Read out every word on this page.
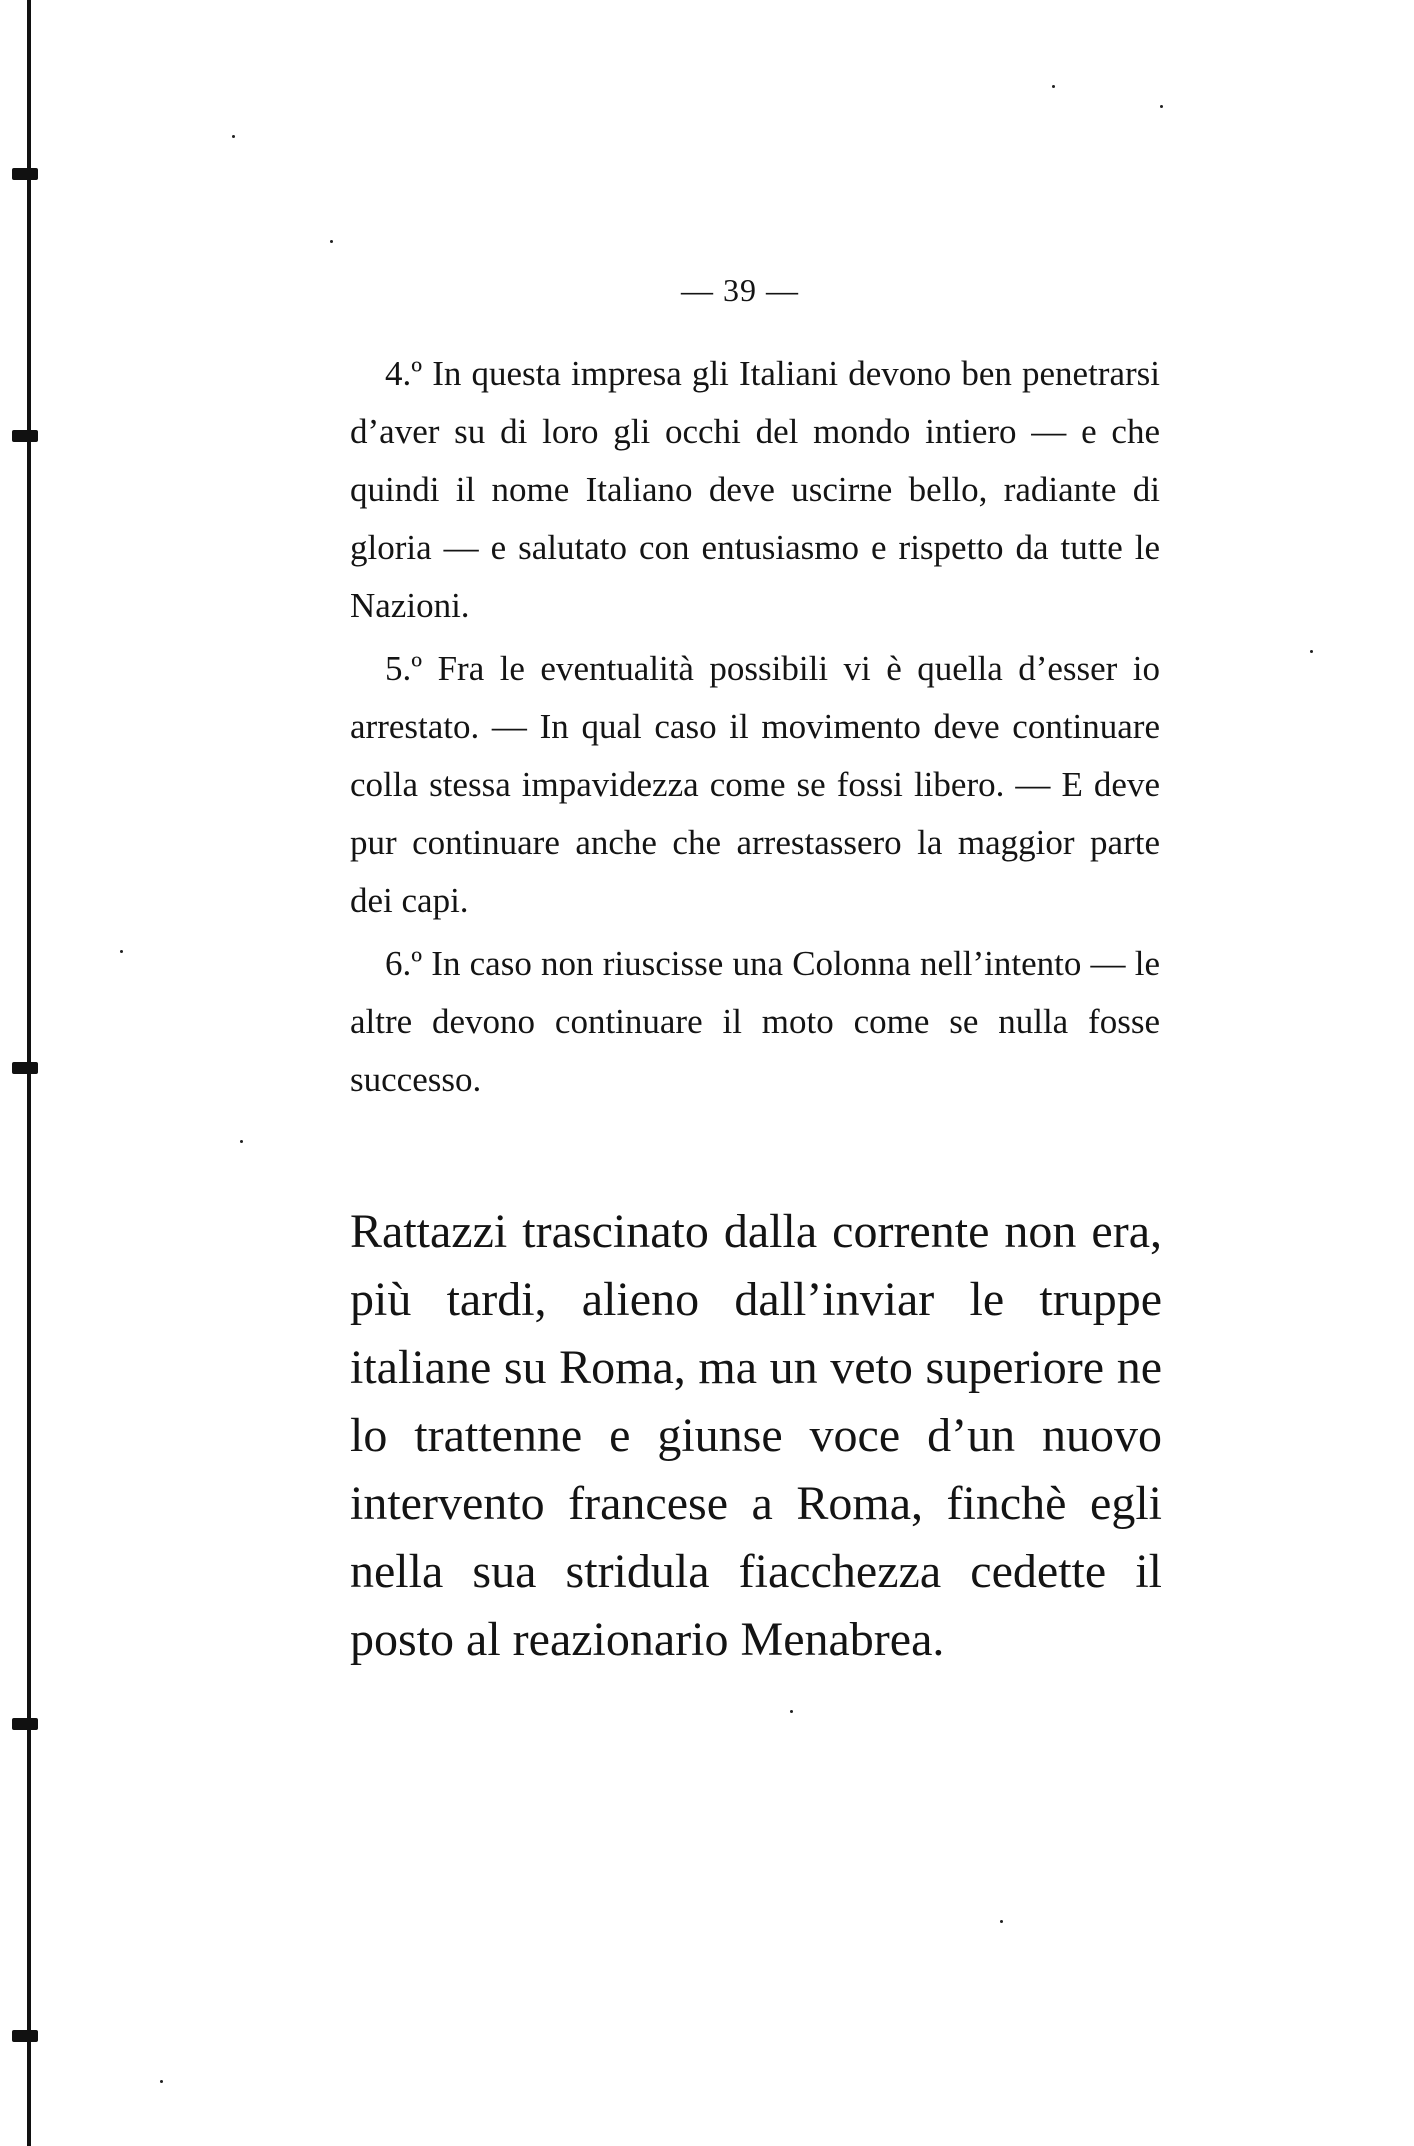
— 39 —

4.º In questa impresa gli Italiani devono ben penetrarsi d’aver su di loro gli occhi del mondo intiero — e che quindi il nome Italiano deve uscirne bello, radiante di gloria — e salutato con entusiasmo e rispetto da tutte le Nazioni.

5.º Fra le eventualità possibili vi è quella d’esser io arrestato. — In qual caso il movimento deve continuare colla stessa impavidezza come se fossi libero. — E deve pur continuare anche che arrestassero la maggior parte dei capi.

6.º In caso non riuscisse una Colonna nell’intento — le altre devono continuare il moto come se nulla fosse successo.

Rattazzi trascinato dalla corrente non era, più tardi, alieno dall’inviar le truppe italiane su Roma, ma un veto superiore ne lo trattenne e giunse voce d’un nuovo intervento francese a Roma, finchè egli nella sua stridula fiacchezza cedette il posto al reazionario Menabrea.
